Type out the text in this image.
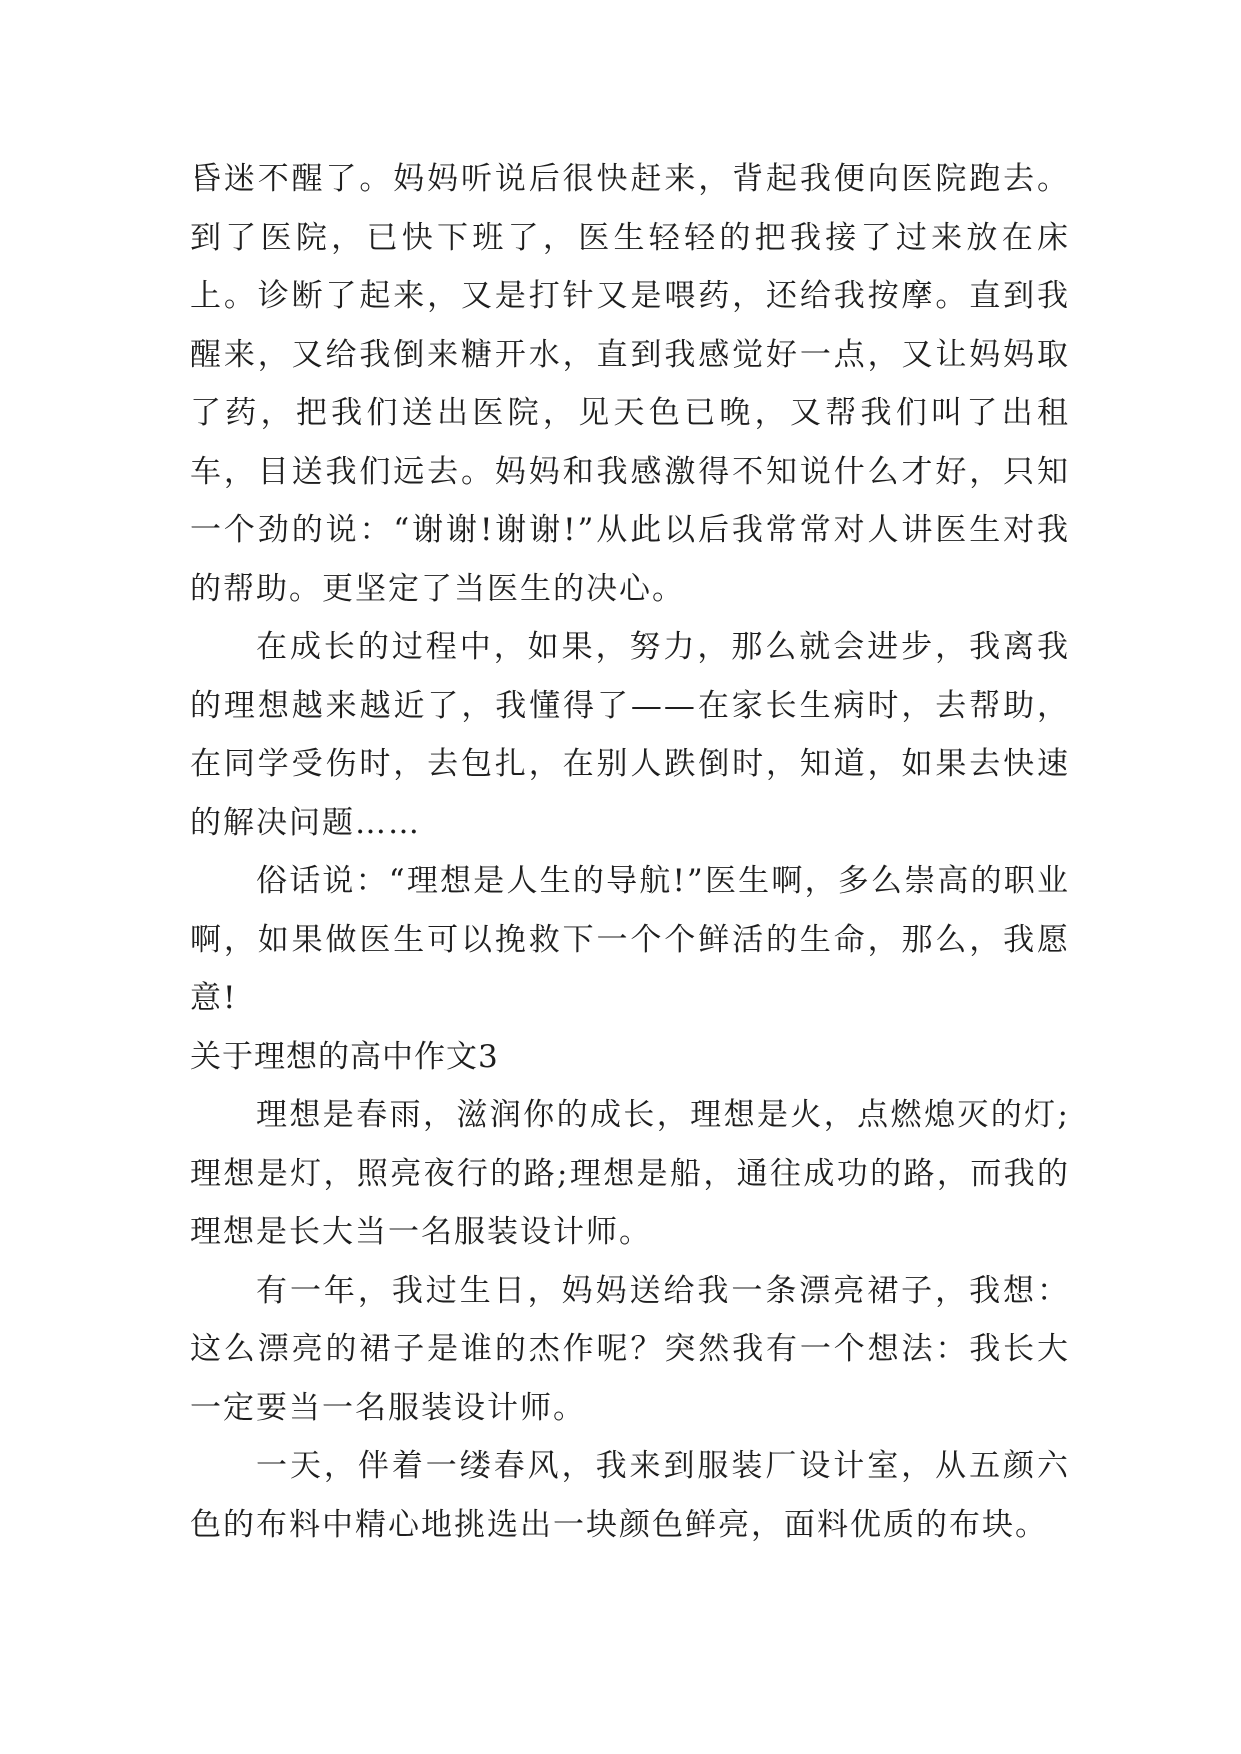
昏迷不醒了。妈妈听说后很快赶来，背起我便向医院跑去。到了医院，已快下班了，医生轻轻的把我接了过来放在床上。诊断了起来，又是打针又是喂药，还给我按摩。直到我醒来，又给我倒来糖开水，直到我感觉好一点，又让妈妈取了药，把我们送出医院，见天色已晚，又帮我们叫了出租车，目送我们远去。妈妈和我感激得不知说什么才好，只知一个劲的说：“谢谢!谢谢!”从此以后我常常对人讲医生对我的帮助。更坚定了当医生的决心。

在成长的过程中，如果，努力，那么就会进步，我离我的理想越来越近了，我懂得了——在家长生病时，去帮助，在同学受伤时，去包扎，在别人跌倒时，知道，如果去快速的解决问题……

俗话说：“理想是人生的导航!”医生啊，多么崇高的职业啊，如果做医生可以挽救下一个个鲜活的生命，那么，我愿意!

关于理想的高中作文3

理想是春雨，滋润你的成长，理想是火，点燃熄灭的灯;理想是灯，照亮夜行的路;理想是船，通往成功的路，而我的理想是长大当一名服装设计师。

有一年，我过生日，妈妈送给我一条漂亮裙子，我想：这么漂亮的裙子是谁的杰作呢？突然我有一个想法：我长大一定要当一名服装设计师。

一天，伴着一缕春风，我来到服装厂设计室，从五颜六色的布料中精心地挑选出一块颜色鲜亮，面料优质的布块。
